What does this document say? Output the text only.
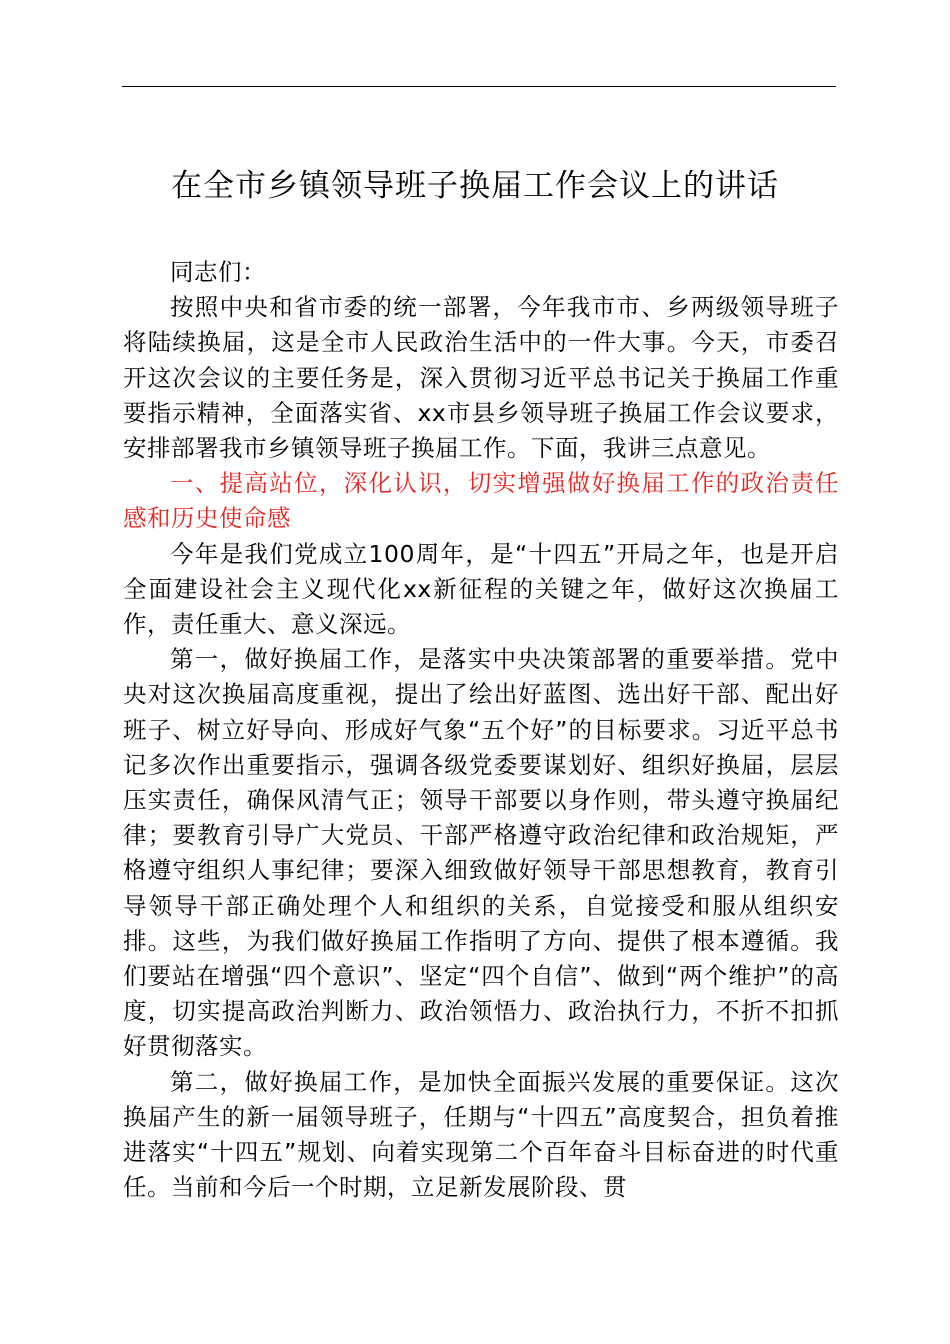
在全市乡镇领导班子换届工作会议上的讲话

同志们：

按照中央和省市委的统一部署，今年我市市、乡两级领导班子将陆续换届，这是全市人民政治生活中的一件大事。今天，市委召开这次会议的主要任务是，深入贯彻习近平总书记关于换届工作重要指示精神，全面落实省、xx市县乡领导班子换届工作会议要求，安排部署我市乡镇领导班子换届工作。下面，我讲三点意见。

一、提高站位，深化认识，切实增强做好换届工作的政治责任感和历史使命感

今年是我们党成立100周年，是“十四五”开局之年，也是开启全面建设社会主义现代化xx新征程的关键之年，做好这次换届工作，责任重大、意义深远。

第一，做好换届工作，是落实中央决策部署的重要举措。党中央对这次换届高度重视，提出了绘出好蓝图、选出好干部、配出好班子、树立好导向、形成好气象“五个好”的目标要求。习近平总书记多次作出重要指示，强调各级党委要谋划好、组织好换届，层层压实责任，确保风清气正；领导干部要以身作则，带头遵守换届纪律；要教育引导广大党员、干部严格遵守政治纪律和政治规矩，严格遵守组织人事纪律；要深入细致做好领导干部思想教育，教育引导领导干部正确处理个人和组织的关系，自觉接受和服从组织安排。这些，为我们做好换届工作指明了方向、提供了根本遵循。我们要站在增强“四个意识”、坚定“四个自信”、做到“两个维护”的高度，切实提高政治判断力、政治领悟力、政治执行力，不折不扣抓好贯彻落实。

第二，做好换届工作，是加快全面振兴发展的重要保证。这次换届产生的新一届领导班子，任期与“十四五”高度契合，担负着推进落实“十四五”规划、向着实现第二个百年奋斗目标奋进的时代重任。当前和今后一个时期，立足新发展阶段、贯
